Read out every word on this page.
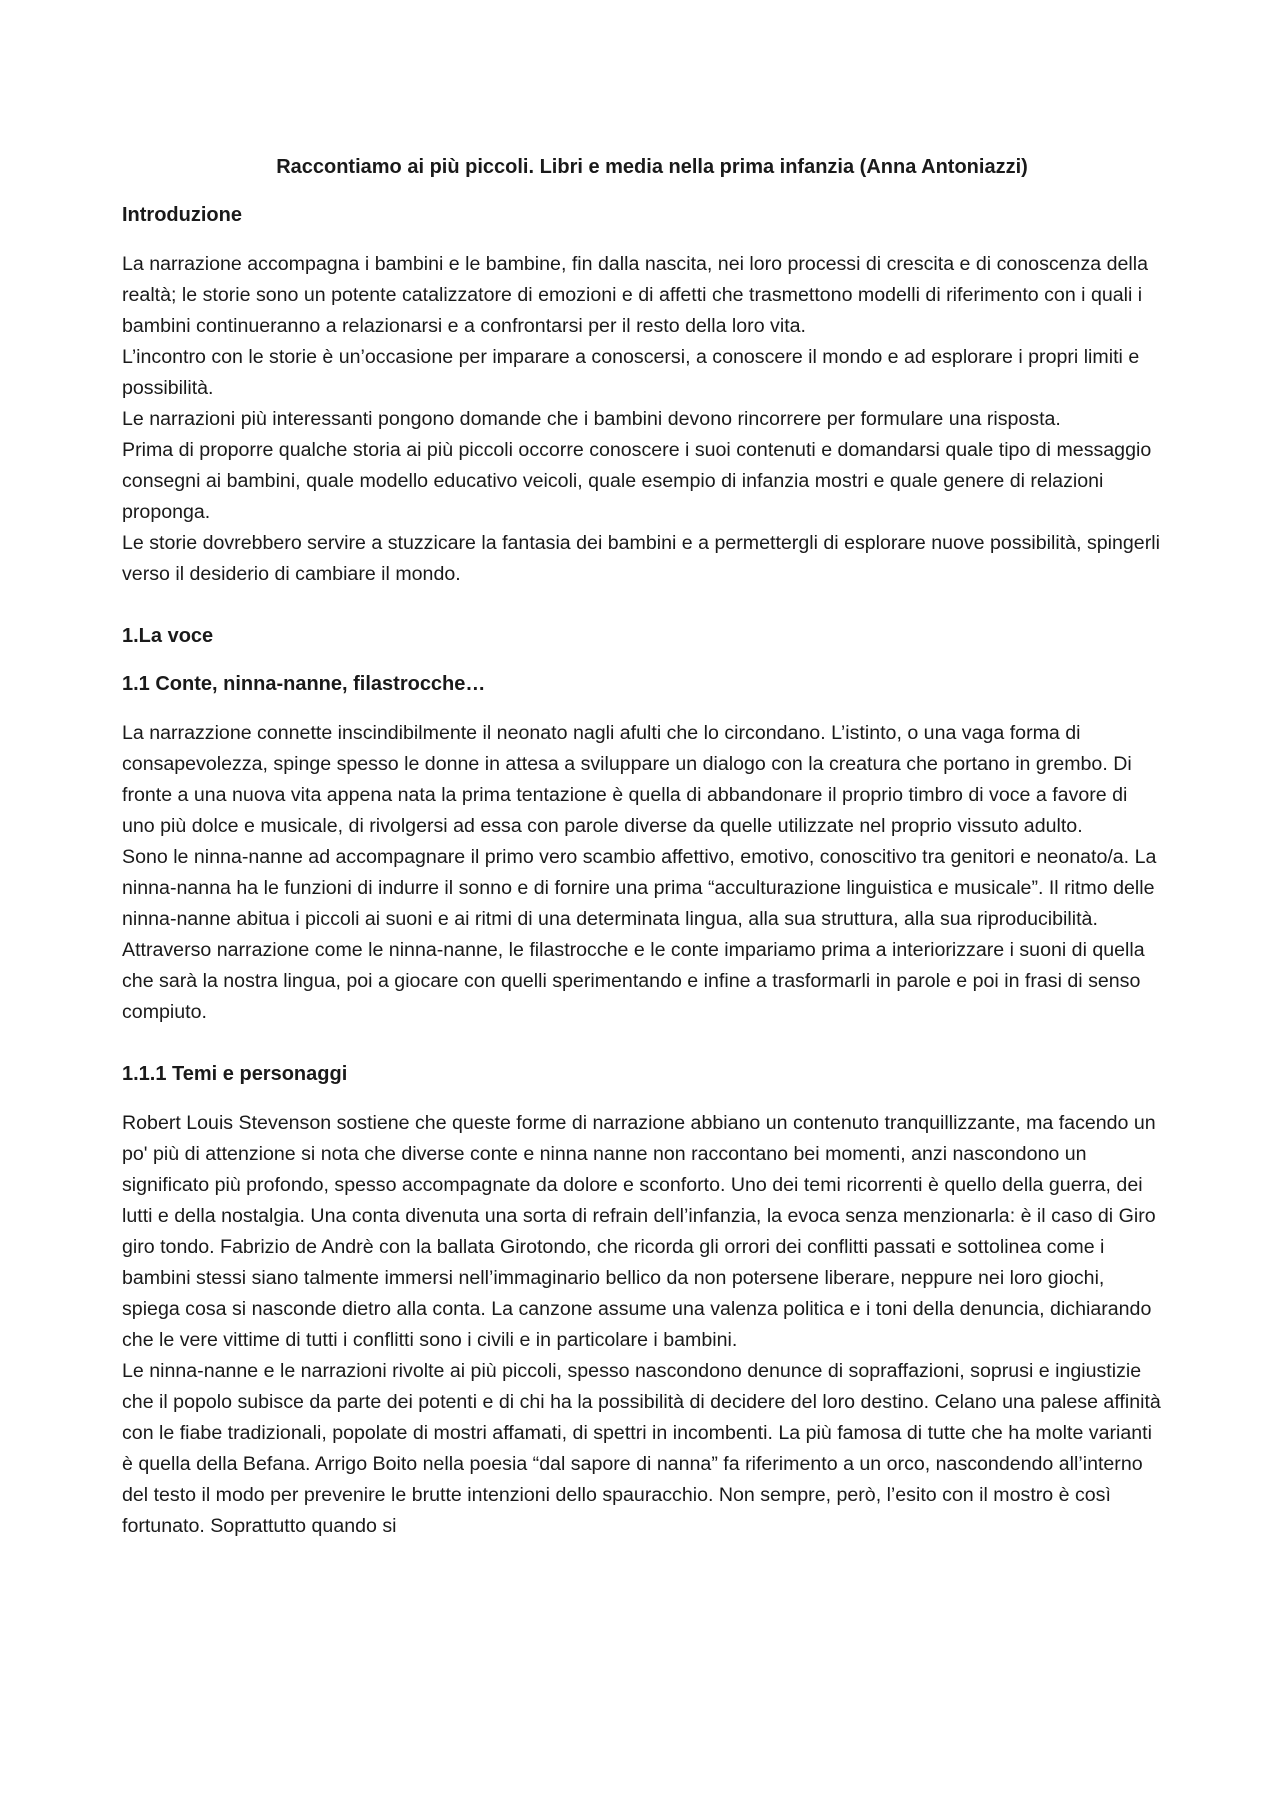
Raccontiamo ai più piccoli. Libri e media nella prima infanzia (Anna Antoniazzi)

Introduzione

La narrazione accompagna i bambini e le bambine, fin dalla nascita, nei loro processi di crescita e di conoscenza della realtà; le storie sono un potente catalizzatore di emozioni e di affetti che trasmettono modelli di riferimento con i quali i bambini continueranno a relazionarsi e a confrontarsi per il resto della loro vita.

L’incontro con le storie è un’occasione per imparare a conoscersi, a conoscere il mondo e ad esplorare i propri limiti e possibilità.

Le narrazioni più interessanti pongono domande che i bambini devono rincorrere per formulare una risposta.

Prima di proporre qualche storia ai più piccoli occorre conoscere i suoi contenuti e domandarsi quale tipo di messaggio consegni ai bambini, quale modello educativo veicoli, quale esempio di infanzia mostri e quale genere di relazioni proponga.

Le storie dovrebbero servire a stuzzicare la fantasia dei bambini e a permettergli di esplorare nuove possibilità, spingerli verso il desiderio di cambiare il mondo.

1.La voce

1.1 Conte, ninna-nanne, filastrocche…

La narrazzione connette inscindibilmente il neonato nagli afulti che lo circondano. L’istinto, o una vaga forma di consapevolezza, spinge spesso le donne in attesa a sviluppare un dialogo con la creatura che portano in grembo. Di fronte a una nuova vita appena nata la prima tentazione è quella di abbandonare il proprio timbro di voce a favore di uno più dolce e musicale, di rivolgersi ad essa con parole diverse da quelle utilizzate nel proprio vissuto adulto.

Sono le ninna-nanne ad accompagnare il primo vero scambio affettivo, emotivo, conoscitivo tra genitori e neonato/a. La ninna-nanna ha le funzioni di indurre il sonno e di fornire una prima “acculturazione linguistica e musicale”. Il ritmo delle ninna-nanne abitua i piccoli ai suoni e ai ritmi di una determinata lingua, alla sua struttura, alla sua riproducibilità. Attraverso narrazione come le ninna-nanne, le filastrocche e le conte impariamo prima a interiorizzare i suoni di quella che sarà la nostra lingua, poi a giocare con quelli sperimentando e infine a trasformarli in parole e poi in frasi di senso compiuto.

1.1.1 Temi e personaggi

Robert Louis Stevenson sostiene che queste forme di narrazione abbiano un contenuto tranquillizzante, ma facendo un po' più di attenzione si nota che diverse conte e ninna nanne non raccontano bei momenti, anzi nascondono un significato più profondo, spesso accompagnate da dolore e sconforto. Uno dei temi ricorrenti è quello della guerra, dei lutti e della nostalgia. Una conta divenuta una sorta di refrain dell’infanzia, la evoca senza menzionarla: è il caso di Giro giro tondo. Fabrizio de Andrè con la ballata Girotondo, che ricorda gli orrori dei conflitti passati e sottolinea come i bambini stessi siano talmente immersi nell’immaginario bellico da non potersene liberare, neppure nei loro giochi, spiega cosa si nasconde dietro alla conta. La canzone assume una valenza politica e i toni della denuncia, dichiarando che le vere vittime di tutti i conflitti sono i civili e in particolare i bambini.

Le ninna-nanne e le narrazioni rivolte ai più piccoli, spesso nascondono denunce di sopraffazioni, soprusi e ingiustizie che il popolo subisce da parte dei potenti e di chi ha la possibilità di decidere del loro destino. Celano una palese affinità con le fiabe tradizionali, popolate di mostri affamati, di spettri in incombenti. La più famosa di tutte che ha molte varianti è quella della Befana. Arrigo Boito nella poesia “dal sapore di nanna” fa riferimento a un orco, nascondendo all’interno del testo il modo per prevenire le brutte intenzioni dello spauracchio. Non sempre, però, l’esito con il mostro è così fortunato. Soprattutto quando si
